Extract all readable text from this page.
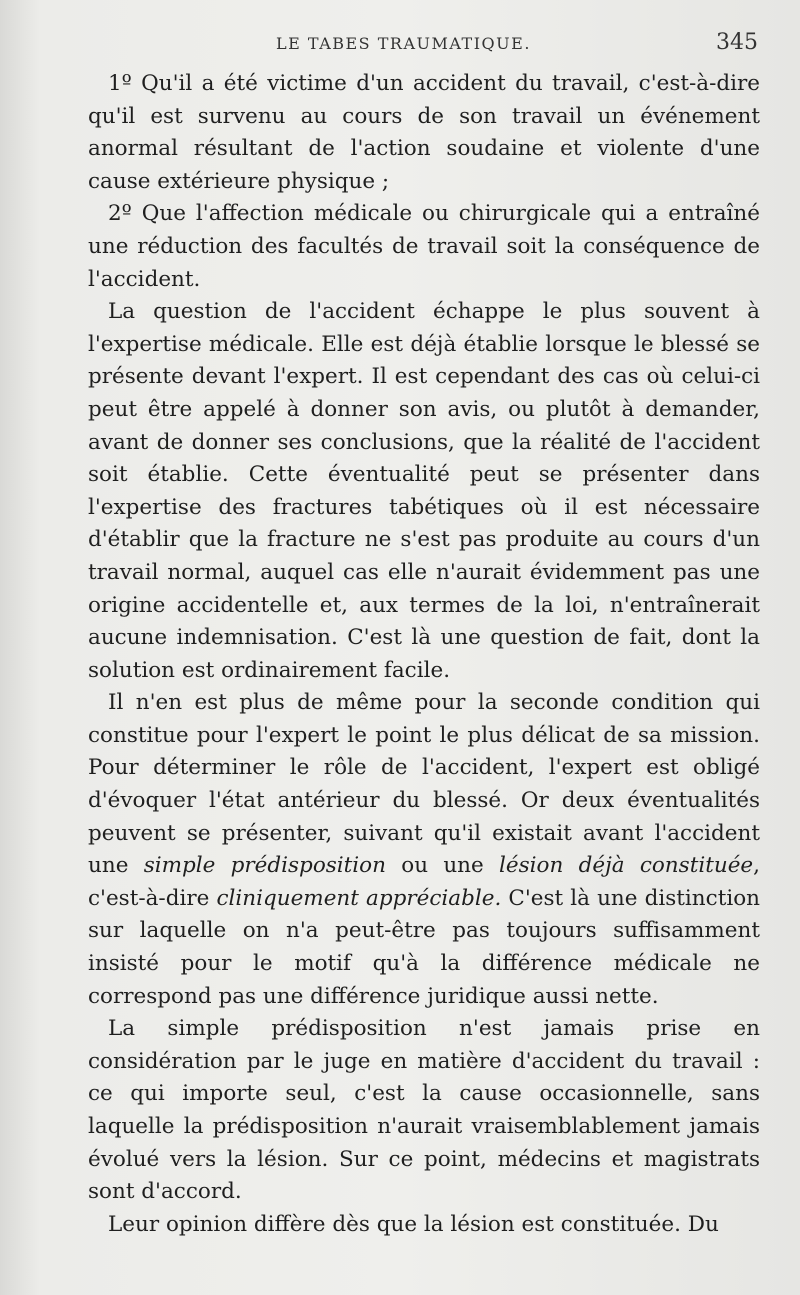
LE TABES TRAUMATIQUE.	345

1º Qu'il a été victime d'un accident du travail, c'est-à-dire qu'il est survenu au cours de son travail un événement anormal résultant de l'action soudaine et violente d'une cause extérieure physique ;

2º Que l'affection médicale ou chirurgicale qui a entraîné une réduction des facultés de travail soit la conséquence de l'accident.

La question de l'accident échappe le plus souvent à l'expertise médicale. Elle est déjà établie lorsque le blessé se présente devant l'expert. Il est cependant des cas où celui-ci peut être appelé à donner son avis, ou plutôt à demander, avant de donner ses conclusions, que la réalité de l'accident soit établie. Cette éventualité peut se présenter dans l'expertise des fractures tabétiques où il est nécessaire d'établir que la fracture ne s'est pas produite au cours d'un travail normal, auquel cas elle n'aurait évidemment pas une origine accidentelle et, aux termes de la loi, n'entraînerait aucune indemnisation. C'est là une question de fait, dont la solution est ordinairement facile.

Il n'en est plus de même pour la seconde condition qui constitue pour l'expert le point le plus délicat de sa mission. Pour déterminer le rôle de l'accident, l'expert est obligé d'évoquer l'état antérieur du blessé. Or deux éventualités peuvent se présenter, suivant qu'il existait avant l'accident une simple prédisposition ou une lésion déjà constituée, c'est-à-dire cliniquement appréciable. C'est là une distinction sur laquelle on n'a peut-être pas toujours suffisamment insisté pour le motif qu'à la différence médicale ne correspond pas une différence juridique aussi nette.

La simple prédisposition n'est jamais prise en considération par le juge en matière d'accident du travail : ce qui importe seul, c'est la cause occasionnelle, sans laquelle la prédisposition n'aurait vraisemblablement jamais évolué vers la lésion. Sur ce point, médecins et magistrats sont d'accord.

Leur opinion diffère dès que la lésion est constituée. Du
